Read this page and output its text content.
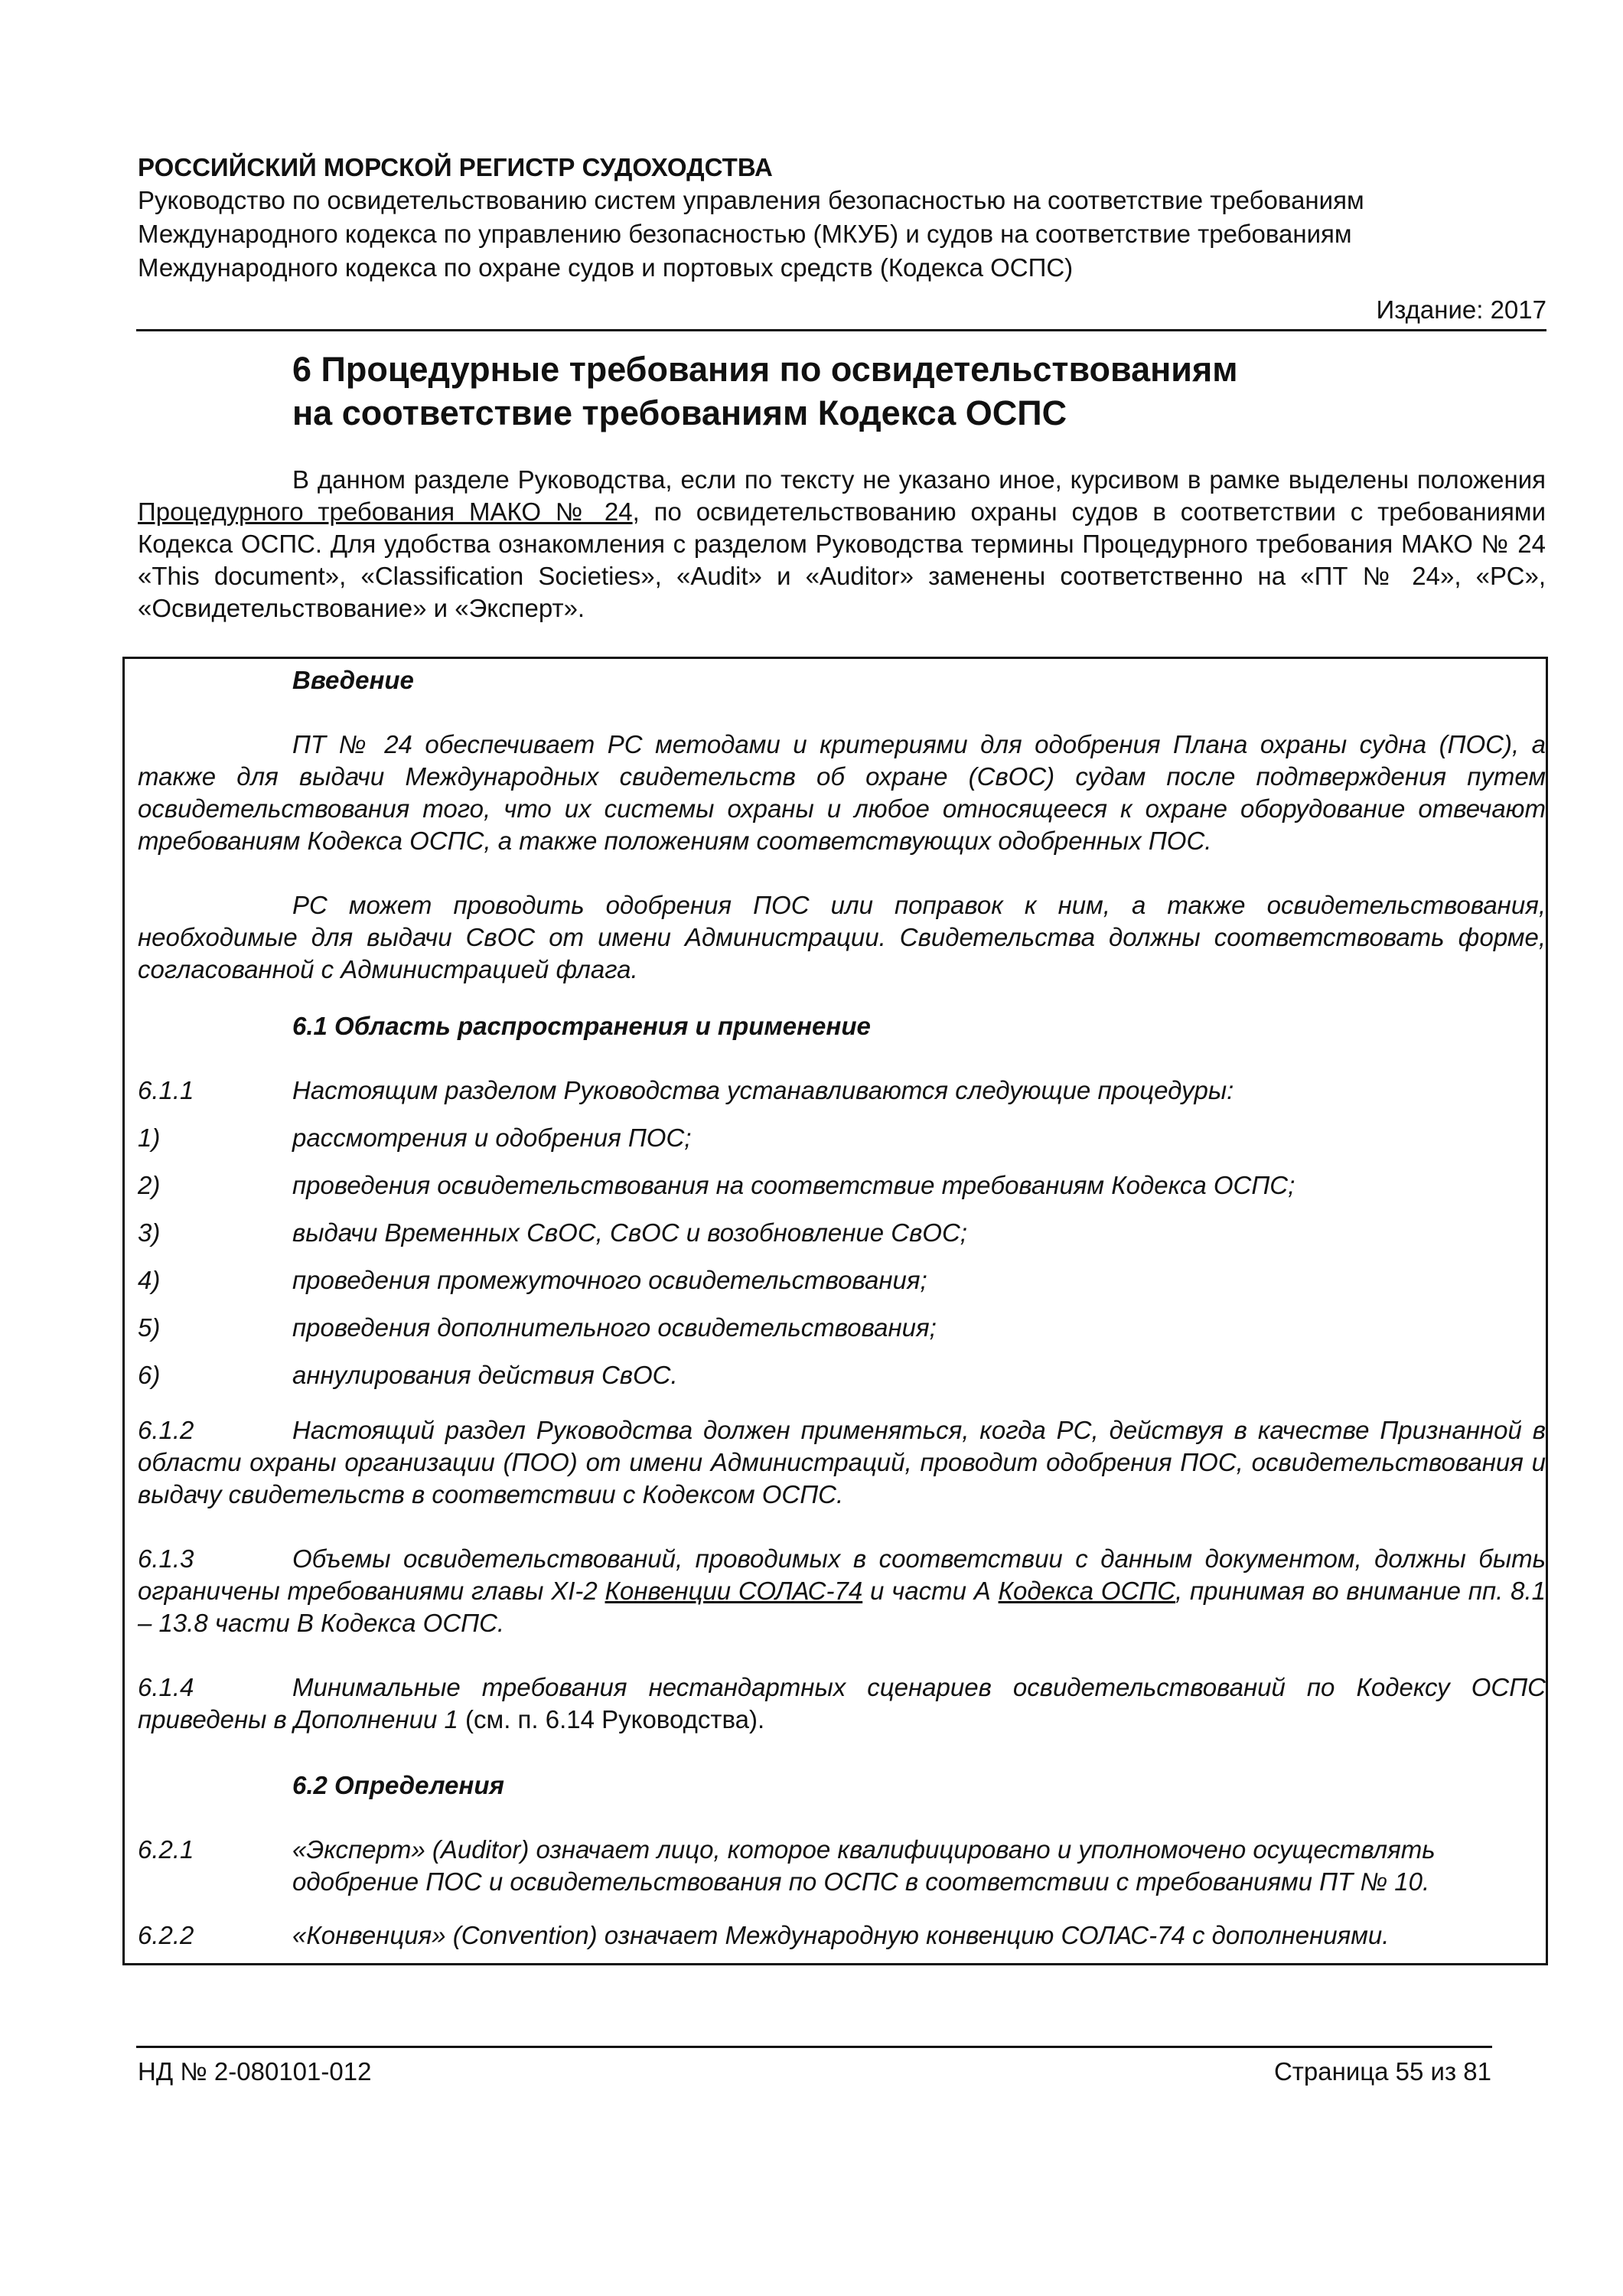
РОССИЙСКИЙ МОРСКОЙ РЕГИСТР СУДОХОДСТВА

Руководство по освидетельствованию систем управления безопасностью на соответствие требованиям

Международного кодекса по управлению безопасностью (МКУБ) и судов на соответствие требованиям

Международного кодекса по охране судов и портовых средств (Кодекса ОСПС)

Издание: 2017
6 Процедурные требования по освидетельствованиям
на соответствие требованиям Кодекса ОСПС

В данном разделе Руководства, если по тексту не указано иное, курсивом в рамке выделены положения Процедурного требования МАКО № 24, по освидетельствованию охраны судов в соответствии с требованиями Кодекса ОСПС. Для удобства ознакомления с разделом Руководства термины Процедурного требования МАКО № 24 «This document», «Classification Societies», «Audit» и «Auditor» заменены соответственно на «ПТ № 24», «РС», «Освидетельствование» и «Эксперт».

Введение

ПТ № 24 обеспечивает РС методами и критериями для одобрения Плана охраны судна (ПОС), а также для выдачи Международных свидетельств об охране (СвОС) судам после подтверждения путем освидетельствования того, что их системы охраны и любое относящееся к охране оборудование отвечают требованиям Кодекса ОСПС, а также положениям соответствующих одобренных ПОС.

РС может проводить одобрения ПОС или поправок к ним, а также освидетельствования, необходимые для выдачи СвОС от имени Администрации. Свидетельства должны соответствовать форме, согласованной с Администрацией флага.

6.1 Область распространения и применение
6.1.1	Настоящим разделом Руководства устанавливаются следующие процедуры:
1)	рассмотрения и одобрения ПОС;
2)	проведения освидетельствования на соответствие требованиям Кодекса ОСПС;
3)	выдачи Временных СвОС, СвОС и возобновление СвОС;
4)	проведения промежуточного освидетельствования;
5)	проведения дополнительного освидетельствования;
6)	аннулирования действия СвОС.

6.1.2	Настоящий раздел Руководства должен применяться, когда РС, действуя в качестве Признанной в области охраны организации (ПОО) от имени Администраций, проводит одобрения ПОС, освидетельствования и выдачу свидетельств в соответствии с Кодексом ОСПС.

6.1.3	Объемы освидетельствований, проводимых в соответствии с данным документом, должны быть ограничены требованиями главы XI-2 Конвенции СОЛАС-74 и части А Кодекса ОСПС, принимая во внимание пп. 8.1 – 13.8 части В Кодекса ОСПС.

6.1.4	Минимальные требования нестандартных сценариев освидетельствований по Кодексу ОСПС приведены в Дополнении 1 (см. п. 6.14 Руководства).

6.2 Определения
6.2.1	«Эксперт» (Auditor) означает лицо, которое квалифицировано и уполномочено осуществлять одобрение ПОС и освидетельствования по ОСПС в соответствии с требованиями ПТ № 10.
6.2.2	«Конвенция» (Convention) означает Международную конвенцию СОЛАС-74 с дополнениями.
НД № 2-080101-012	Страница 55 из 81
